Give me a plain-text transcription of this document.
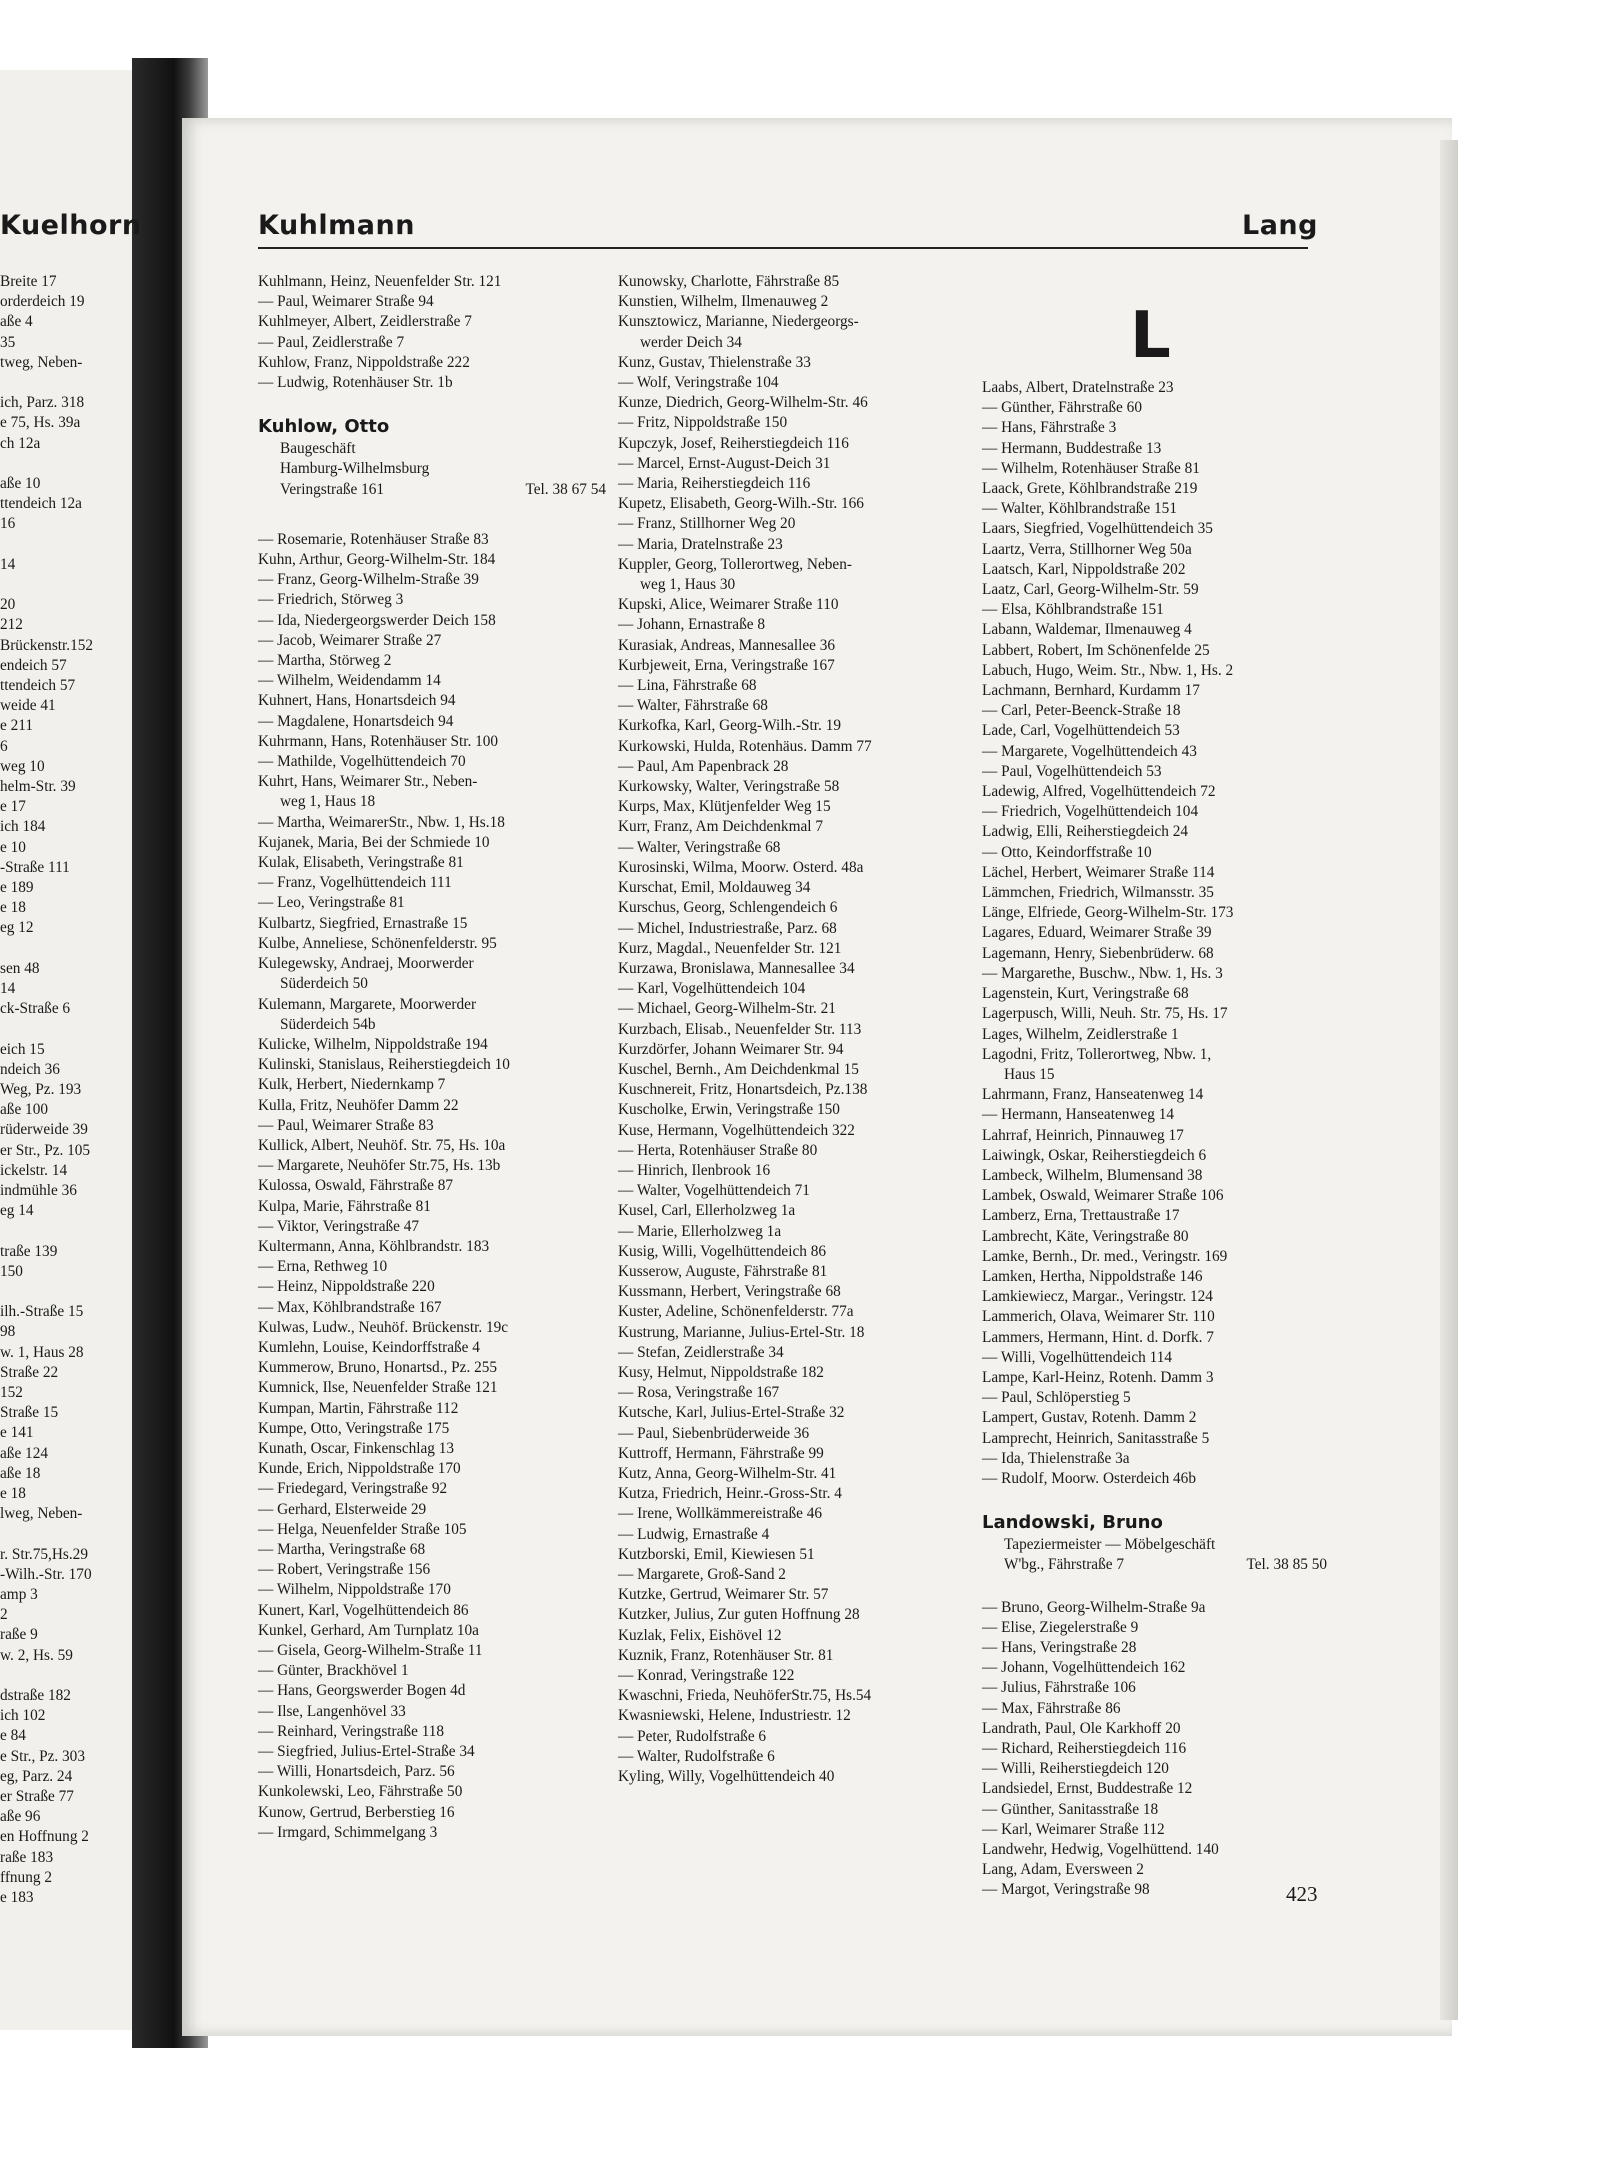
Kuelhorn
Breite 17
orderdeich 19
aße 4
35
tweg, Neben-

ich, Parz. 318
e 75, Hs. 39a
ch 12a

aße 10
ttendeich 12a
16

14

20
212
Brückenstr.152
endeich 57
ttendeich 57
weide 41
e 211
6
weg 10
helm-Str. 39
e 17
ich 184
e 10
-Straße 111
e 189
e 18
eg 12

sen 48
14
ck-Straße 6

eich 15
ndeich 36
Weg, Pz. 193
aße 100
rüderweide 39
er Str., Pz. 105
ickelstr. 14
indmühle 36
eg 14

traße 139
150

ilh.-Straße 15
98
w. 1, Haus 28
Straße 22
152
Straße 15
e 141
aße 124
aße 18
e 18
lweg, Neben-

r. Str.75,Hs.29
-Wilh.-Str. 170
amp 3
2
raße 9
w. 2, Hs. 59

dstraße 182
ich 102
e 84
e Str., Pz. 303
eg, Parz. 24
er Straße 77
aße 96
en Hoffnung 2
raße 183
ffnung 2
e 183
Kuhlmann	Lang
Kuhlmann, Heinz, Neuenfelder Str. 121
— Paul, Weimarer Straße 94
Kuhlmeyer, Albert, Zeidlerstraße 7
— Paul, Zeidlerstraße 7
Kuhlow, Franz, Nippoldstraße 222
— Ludwig, Rotenhäuser Str. 1b
Kuhlow, Otto
Baugeschäft
Hamburg-Wilhelmsburg
Veringstraße 161	Tel. 38 67 54
— Rosemarie, Rotenhäuser Straße 83
Kuhn, Arthur, Georg-Wilhelm-Str. 184
— Franz, Georg-Wilhelm-Straße 39
— Friedrich, Störweg 3
— Ida, Niedergeorgswerder Deich 158
— Jacob, Weimarer Straße 27
— Martha, Störweg 2
— Wilhelm, Weidendamm 14
Kuhnert, Hans, Honartsdeich 94
— Magdalene, Honartsdeich 94
Kuhrmann, Hans, Rotenhäuser Str. 100
— Mathilde, Vogelhüttendeich 70
Kuhrt, Hans, Weimarer Str., Neben-
weg 1, Haus 18
— Martha, WeimarerStr., Nbw. 1, Hs.18
Kujanek, Maria, Bei der Schmiede 10
Kulak, Elisabeth, Veringstraße 81
— Franz, Vogelhüttendeich 111
— Leo, Veringstraße 81
Kulbartz, Siegfried, Ernastraße 15
Kulbe, Anneliese, Schönenfelderstr. 95
Kulegewsky, Andraej, Moorwerder
Süderdeich 50
Kulemann, Margarete, Moorwerder
Süderdeich 54b
Kulicke, Wilhelm, Nippoldstraße 194
Kulinski, Stanislaus, Reiherstiegdeich 10
Kulk, Herbert, Niedernkamp 7
Kulla, Fritz, Neuhöfer Damm 22
— Paul, Weimarer Straße 83
Kullick, Albert, Neuhöf. Str. 75, Hs. 10a
— Margarete, Neuhöfer Str.75, Hs. 13b
Kulossa, Oswald, Fährstraße 87
Kulpa, Marie, Fährstraße 81
— Viktor, Veringstraße 47
Kultermann, Anna, Köhlbrandstr. 183
— Erna, Rethweg 10
— Heinz, Nippoldstraße 220
— Max, Köhlbrandstraße 167
Kulwas, Ludw., Neuhöf. Brückenstr. 19c
Kumlehn, Louise, Keindorffstraße 4
Kummerow, Bruno, Honartsd., Pz. 255
Kumnick, Ilse, Neuenfelder Straße 121
Kumpan, Martin, Fährstraße 112
Kumpe, Otto, Veringstraße 175
Kunath, Oscar, Finkenschlag 13
Kunde, Erich, Nippoldstraße 170
— Friedegard, Veringstraße 92
— Gerhard, Elsterweide 29
— Helga, Neuenfelder Straße 105
— Martha, Veringstraße 68
— Robert, Veringstraße 156
— Wilhelm, Nippoldstraße 170
Kunert, Karl, Vogelhüttendeich 86
Kunkel, Gerhard, Am Turnplatz 10a
— Gisela, Georg-Wilhelm-Straße 11
— Günter, Brackhövel 1
— Hans, Georgswerder Bogen 4d
— Ilse, Langenhövel 33
— Reinhard, Veringstraße 118
— Siegfried, Julius-Ertel-Straße 34
— Willi, Honartsdeich, Parz. 56
Kunkolewski, Leo, Fährstraße 50
Kunow, Gertrud, Berberstieg 16
— Irmgard, Schimmelgang 3
Kunowsky, Charlotte, Fährstraße 85
Kunstien, Wilhelm, Ilmenauweg 2
Kunsztowicz, Marianne, Niedergeorgs-
werder Deich 34
Kunz, Gustav, Thielenstraße 33
— Wolf, Veringstraße 104
Kunze, Diedrich, Georg-Wilhelm-Str. 46
— Fritz, Nippoldstraße 150
Kupczyk, Josef, Reiherstiegdeich 116
— Marcel, Ernst-August-Deich 31
— Maria, Reiherstiegdeich 116
Kupetz, Elisabeth, Georg-Wilh.-Str. 166
— Franz, Stillhorner Weg 20
— Maria, Dratelnstraße 23
Kuppler, Georg, Tollerortweg, Neben-
weg 1, Haus 30
Kupski, Alice, Weimarer Straße 110
— Johann, Ernastraße 8
Kurasiak, Andreas, Mannesallee 36
Kurbjeweit, Erna, Veringstraße 167
— Lina, Fährstraße 68
— Walter, Fährstraße 68
Kurkofka, Karl, Georg-Wilh.-Str. 19
Kurkowski, Hulda, Rotenhäus. Damm 77
— Paul, Am Papenbrack 28
Kurkowsky, Walter, Veringstraße 58
Kurps, Max, Klütjenfelder Weg 15
Kurr, Franz, Am Deichdenkmal 7
— Walter, Veringstraße 68
Kurosinski, Wilma, Moorw. Osterd. 48a
Kurschat, Emil, Moldauweg 34
Kurschus, Georg, Schlengendeich 6
— Michel, Industriestraße, Parz. 68
Kurz, Magdal., Neuenfelder Str. 121
Kurzawa, Bronislawa, Mannesallee 34
— Karl, Vogelhüttendeich 104
— Michael, Georg-Wilhelm-Str. 21
Kurzbach, Elisab., Neuenfelder Str. 113
Kurzdörfer, Johann Weimarer Str. 94
Kuschel, Bernh., Am Deichdenkmal 15
Kuschnereit, Fritz, Honartsdeich, Pz.138
Kuscholke, Erwin, Veringstraße 150
Kuse, Hermann, Vogelhüttendeich 322
— Herta, Rotenhäuser Straße 80
— Hinrich, Ilenbrook 16
— Walter, Vogelhüttendeich 71
Kusel, Carl, Ellerholzweg 1a
— Marie, Ellerholzweg 1a
Kusig, Willi, Vogelhüttendeich 86
Kusserow, Auguste, Fährstraße 81
Kussmann, Herbert, Veringstraße 68
Kuster, Adeline, Schönenfelderstr. 77a
Kustrung, Marianne, Julius-Ertel-Str. 18
— Stefan, Zeidlerstraße 34
Kusy, Helmut, Nippoldstraße 182
— Rosa, Veringstraße 167
Kutsche, Karl, Julius-Ertel-Straße 32
— Paul, Siebenbrüderweide 36
Kuttroff, Hermann, Fährstraße 99
Kutz, Anna, Georg-Wilhelm-Str. 41
Kutza, Friedrich, Heinr.-Gross-Str. 4
— Irene, Wollkämmereistraße 46
— Ludwig, Ernastraße 4
Kutzborski, Emil, Kiewiesen 51
— Margarete, Groß-Sand 2
Kutzke, Gertrud, Weimarer Str. 57
Kutzker, Julius, Zur guten Hoffnung 28
Kuzlak, Felix, Eishövel 12
Kuznik, Franz, Rotenhäuser Str. 81
— Konrad, Veringstraße 122
Kwaschni, Frieda, NeuhöferStr.75, Hs.54
Kwasniewski, Helene, Industriestr. 12
— Peter, Rudolfstraße 6
— Walter, Rudolfstraße 6
Kyling, Willy, Vogelhüttendeich 40
L
Laabs, Albert, Dratelnstraße 23
— Günther, Fährstraße 60
— Hans, Fährstraße 3
— Hermann, Buddestraße 13
— Wilhelm, Rotenhäuser Straße 81
Laack, Grete, Köhlbrandstraße 219
— Walter, Köhlbrandstraße 151
Laars, Siegfried, Vogelhüttendeich 35
Laartz, Verra, Stillhorner Weg 50a
Laatsch, Karl, Nippoldstraße 202
Laatz, Carl, Georg-Wilhelm-Str. 59
— Elsa, Köhlbrandstraße 151
Labann, Waldemar, Ilmenauweg 4
Labbert, Robert, Im Schönenfelde 25
Labuch, Hugo, Weim. Str., Nbw. 1, Hs. 2
Lachmann, Bernhard, Kurdamm 17
— Carl, Peter-Beenck-Straße 18
Lade, Carl, Vogelhüttendeich 53
— Margarete, Vogelhüttendeich 43
— Paul, Vogelhüttendeich 53
Ladewig, Alfred, Vogelhüttendeich 72
— Friedrich, Vogelhüttendeich 104
Ladwig, Elli, Reiherstiegdeich 24
— Otto, Keindorffstraße 10
Lächel, Herbert, Weimarer Straße 114
Lämmchen, Friedrich, Wilmansstr. 35
Länge, Elfriede, Georg-Wilhelm-Str. 173
Lagares, Eduard, Weimarer Straße 39
Lagemann, Henry, Siebenbrüderw. 68
— Margarethe, Buschw., Nbw. 1, Hs. 3
Lagenstein, Kurt, Veringstraße 68
Lagerpusch, Willi, Neuh. Str. 75, Hs. 17
Lages, Wilhelm, Zeidlerstraße 1
Lagodni, Fritz, Tollerortweg, Nbw. 1,
Haus 15
Lahrmann, Franz, Hanseatenweg 14
— Hermann, Hanseatenweg 14
Lahrraf, Heinrich, Pinnauweg 17
Laiwingk, Oskar, Reiherstiegdeich 6
Lambeck, Wilhelm, Blumensand 38
Lambek, Oswald, Weimarer Straße 106
Lamberz, Erna, Trettaustraße 17
Lambrecht, Käte, Veringstraße 80
Lamke, Bernh., Dr. med., Veringstr. 169
Lamken, Hertha, Nippoldstraße 146
Lamkiewiecz, Margar., Veringstr. 124
Lammerich, Olava, Weimarer Str. 110
Lammers, Hermann, Hint. d. Dorfk. 7
— Willi, Vogelhüttendeich 114
Lampe, Karl-Heinz, Rotenh. Damm 3
— Paul, Schlöperstieg 5
Lampert, Gustav, Rotenh. Damm 2
Lamprecht, Heinrich, Sanitasstraße 5
— Ida, Thielenstraße 3a
— Rudolf, Moorw. Osterdeich 46b
Landowski, Bruno
Tapeziermeister — Möbelgeschäft
W'bg., Fährstraße 7	Tel. 38 85 50
— Bruno, Georg-Wilhelm-Straße 9a
— Elise, Ziegelerstraße 9
— Hans, Veringstraße 28
— Johann, Vogelhüttendeich 162
— Julius, Fährstraße 106
— Max, Fährstraße 86
Landrath, Paul, Ole Karkhoff 20
— Richard, Reiherstiegdeich 116
— Willi, Reiherstiegdeich 120
Landsiedel, Ernst, Buddestraße 12
— Günther, Sanitasstraße 18
— Karl, Weimarer Straße 112
Landwehr, Hedwig, Vogelhüttend. 140
Lang, Adam, Eversween 2
— Margot, Veringstraße 98	423
